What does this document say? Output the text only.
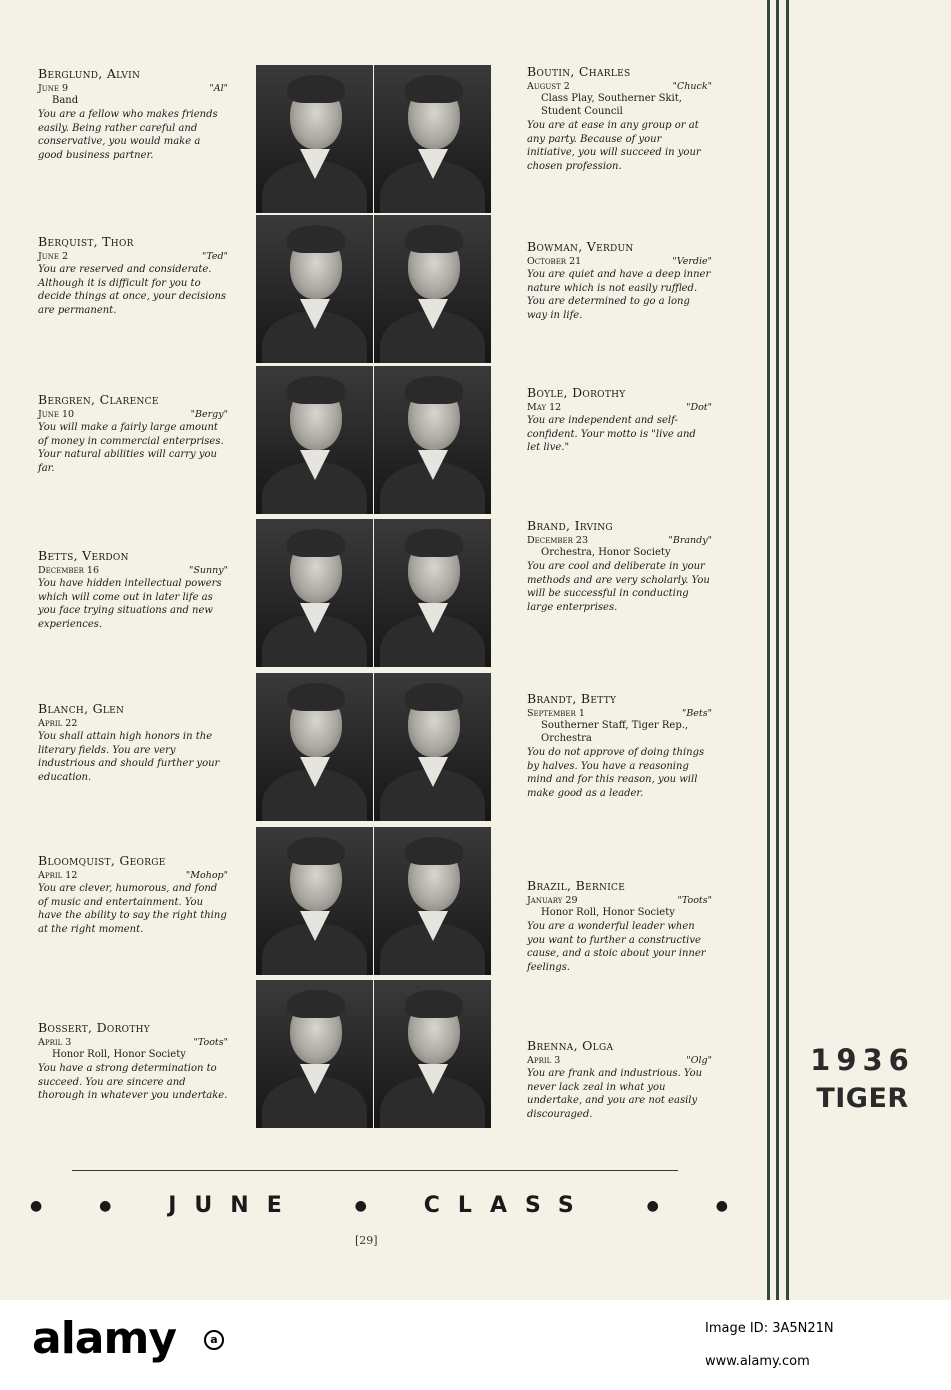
Berglund, Alvin
June 9	"Al"
Band
You are a fellow who makes friends easily. Being rather careful and conservative, you would make a good business partner.
Berquist, Thor
June 2	"Ted"
You are reserved and considerate. Although it is difficult for you to decide things at once, your decisions are permanent.
Bergren, Clarence
June 10	"Bergy"
You will make a fairly large amount of money in commercial enterprises. Your natural abilities will carry you far.
Betts, Verdon
December 16	"Sunny"
You have hidden intellectual powers which will come out in later life as you face trying situations and new experiences.
Blanch, Glen
April 22
You shall attain high honors in the literary fields. You are very industrious and should further your education.
Bloomquist, George
April 12	"Mohop"
You are clever, humorous, and fond of music and entertainment. You have the ability to say the right thing at the right moment.
Bossert, Dorothy
April 3	"Toots"
Honor Roll, Honor Society
You have a strong determination to succeed. You are sincere and thorough in whatever you undertake.
Boutin, Charles
August 2	"Chuck"
Class Play, Southerner Skit, Student Council
You are at ease in any group or at any party. Because of your initiative, you will succeed in your chosen profession.
Bowman, Verdun
October 21	"Verdie"
You are quiet and have a deep inner nature which is not easily ruffled. You are determined to go a long way in life.
Boyle, Dorothy
May 12	"Dot"
You are independent and self-confident. Your motto is "live and let live."
Brand, Irving
December 23	"Brandy"
Orchestra, Honor Society
You are cool and deliberate in your methods and are very scholarly. You will be successful in conducting large enterprises.
Brandt, Betty
September 1	"Bets"
Southerner Staff, Tiger Rep., Orchestra
You do not approve of doing things by halves. You have a reasoning mind and for this reason, you will make good as a leader.
Brazil, Bernice
January 29	"Toots"
Honor Roll, Honor Society
You are a wonderful leader when you want to further a constructive cause, and a stoic about your inner feelings.
Brenna, Olga
April 3	"Olg"
You are frank and industrious. You never lack zeal in what you undertake, and you are not easily discouraged.
1936
TIGER
●	● JUNE	● CLASS	●	●
[29]
alamy	a
Image ID: 3A5N21N
www.alamy.com
